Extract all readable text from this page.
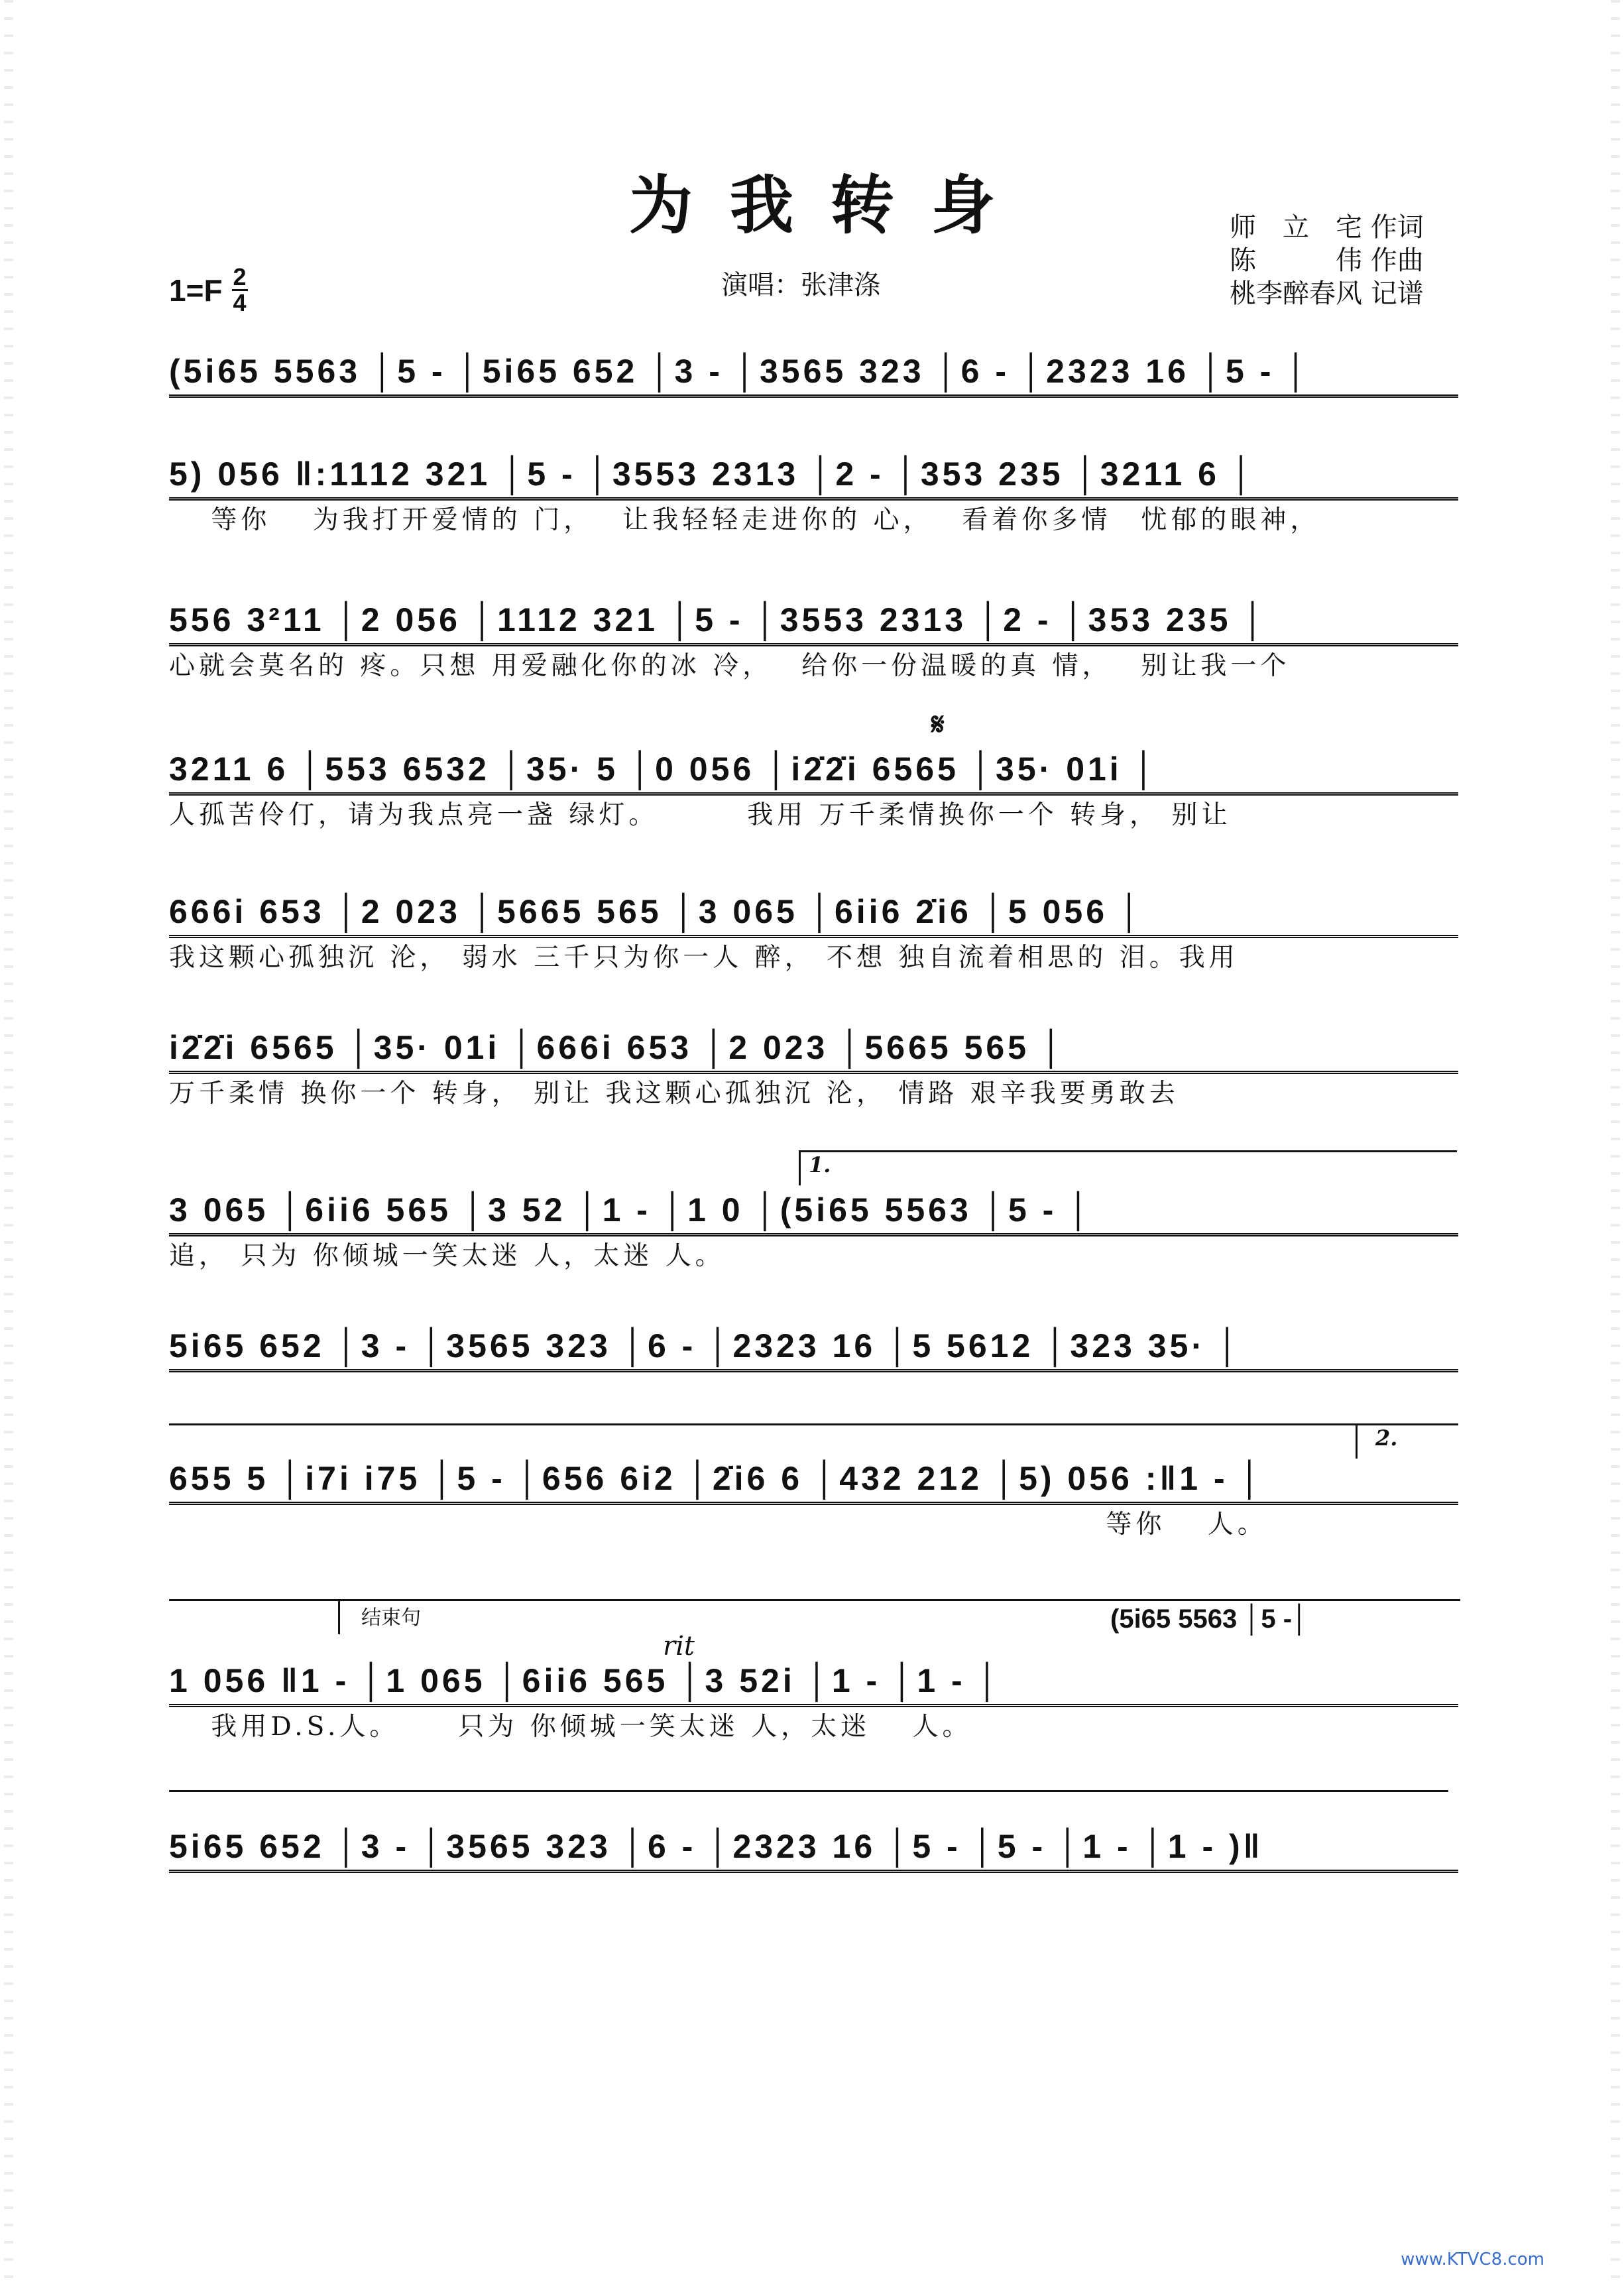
为我转身	师　立　宅 作词
陈　　　伟 作曲
桃李醉春风 记谱
演唱：张津涤
1=F 2
4
(5i65 5563 │5 - │5i65 652 │3 - │3565 323 │6 - │2323 16 │5 - │
5) 056 ‖:1112 321 │5 - │3553 2313 │2 - │353 235 │3211 6 │
　 等你　 为我打开爱情的 门，　 让我轻轻走进你的 心，　 看着你多情　忧郁的眼神，
556 3²11 │2 056 │1112 321 │5 - │3553 2313 │2 - │353 235 │
心就会莫名的 疼。只想 用爱融化你的冰 冷，　 给你一份温暖的真 情，　 别让我一个
𝄋
3211 6 │553 6532 │35· 5 │0 056 │i2̇2̇i 6565 │35· 01i │
人孤苦伶仃，请为我点亮一盏 绿灯。　　　 我用 万千柔情换你一个 转身， 别让
666i 653 │2 023 │5665 565 │3 065 │6ii6 2̇i6 │5 056 │
我这颗心孤独沉 沦， 弱水 三千只为你一人 醉， 不想 独自流着相思的 泪。我用
i2̇2̇i 6565 │35· 01i │666i 653 │2 023 │5665 565 │
万千柔情 换你一个 转身， 别让 我这颗心孤独沉 沦， 情路 艰辛我要勇敢去
1.
3 065 │6ii6 565 │3 52 │1 - │1 0 │(5i65 5563 │5 - │
追， 只为 你倾城一笑太迷 人，太迷 人。
5i65 652 │3 - │3565 323 │6 - │2323 16 │5 5612 │323 35· │
2.
655 5 │i7i i75 │5 - │656 6i2 │2̇i6 6 │432 212 │5) 056 :‖1 - │
　　　　　　　　　　　　　　　　　　　　　　　　　　　　　　　 等你　 人。
结束句	(5i65 5563 │5 -│
rit
1 056 ‖1 - │1 065 │6ii6 565 │3 52i │1 - │1 - │
　 我用D.S.人。　　 只为 你倾城一笑太迷 人，太迷　 人。
5i65 652 │3 - │3565 323 │6 - │2323 16 │5 - │5 - │1 - │1 - )‖
www.KTVC8.com
